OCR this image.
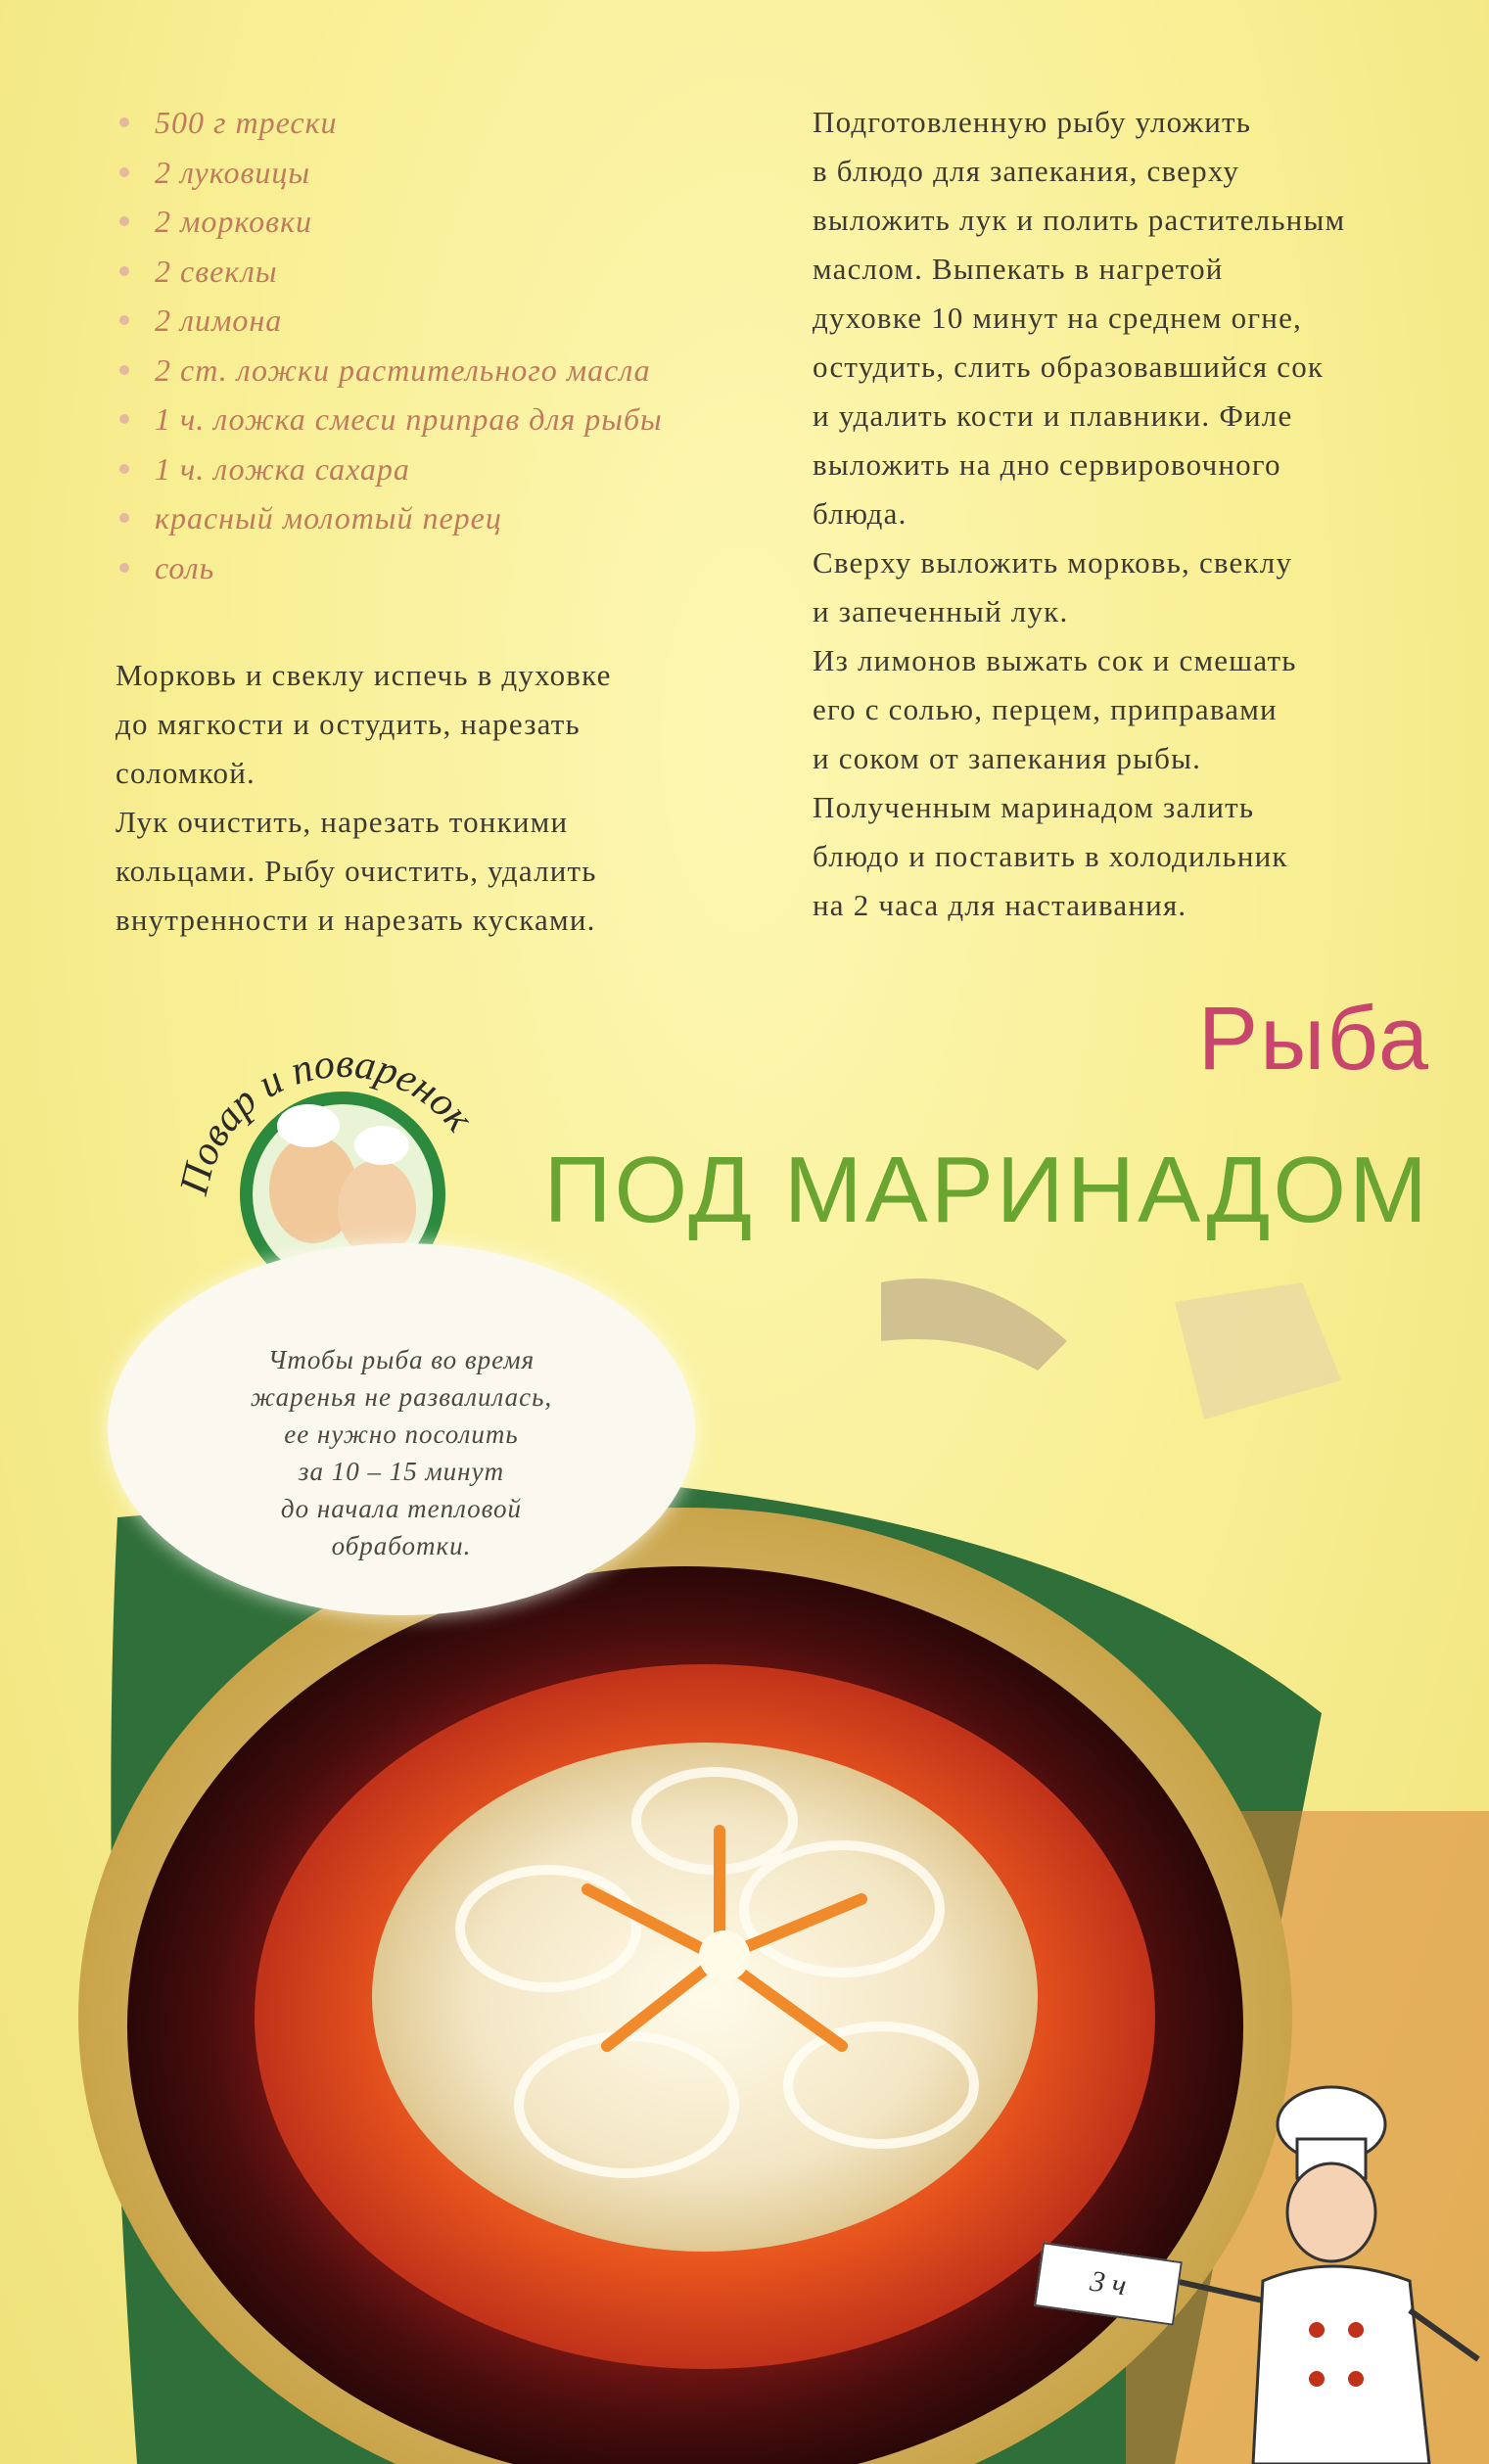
500 г трески
2 луковицы
2 морковки
2 свеклы
2 лимона
2 ст. ложки растительного масла
1 ч. ложка смеси приправ для рыбы
1 ч. ложка сахара
красный молотый перец
соль
Морковь и свеклу испечь в духовке
до мягкости и остудить, нарезать
соломкой.
Лук очистить, нарезать тонкими
кольцами. Рыбу очистить, удалить
внутренности и нарезать кусками.
Подготовленную рыбу уложить
в блюдо для запекания, сверху
выложить лук и полить растительным
маслом. Выпекать в нагретой
духовке 10 минут на среднем огне,
остудить, слить образовавшийся сок
и удалить кости и плавники. Филе
выложить на дно сервировочного
блюда.
Сверху выложить морковь, свеклу
и запеченный лук.
Из лимонов выжать сок и смешать
его с солью, перцем, приправами
и соком от запекания рыбы.
Полученным маринадом залить
блюдо и поставить в холодильник
на 2 часа для настаивания.
Повар и поваренок
Рыба
ПОД МАРИНАДОМ
Чтобы рыба во время
жаренья не развалилась,
ее нужно посолить
за 10 – 15 минут
до начала тепловой
обработки.
3 ч
